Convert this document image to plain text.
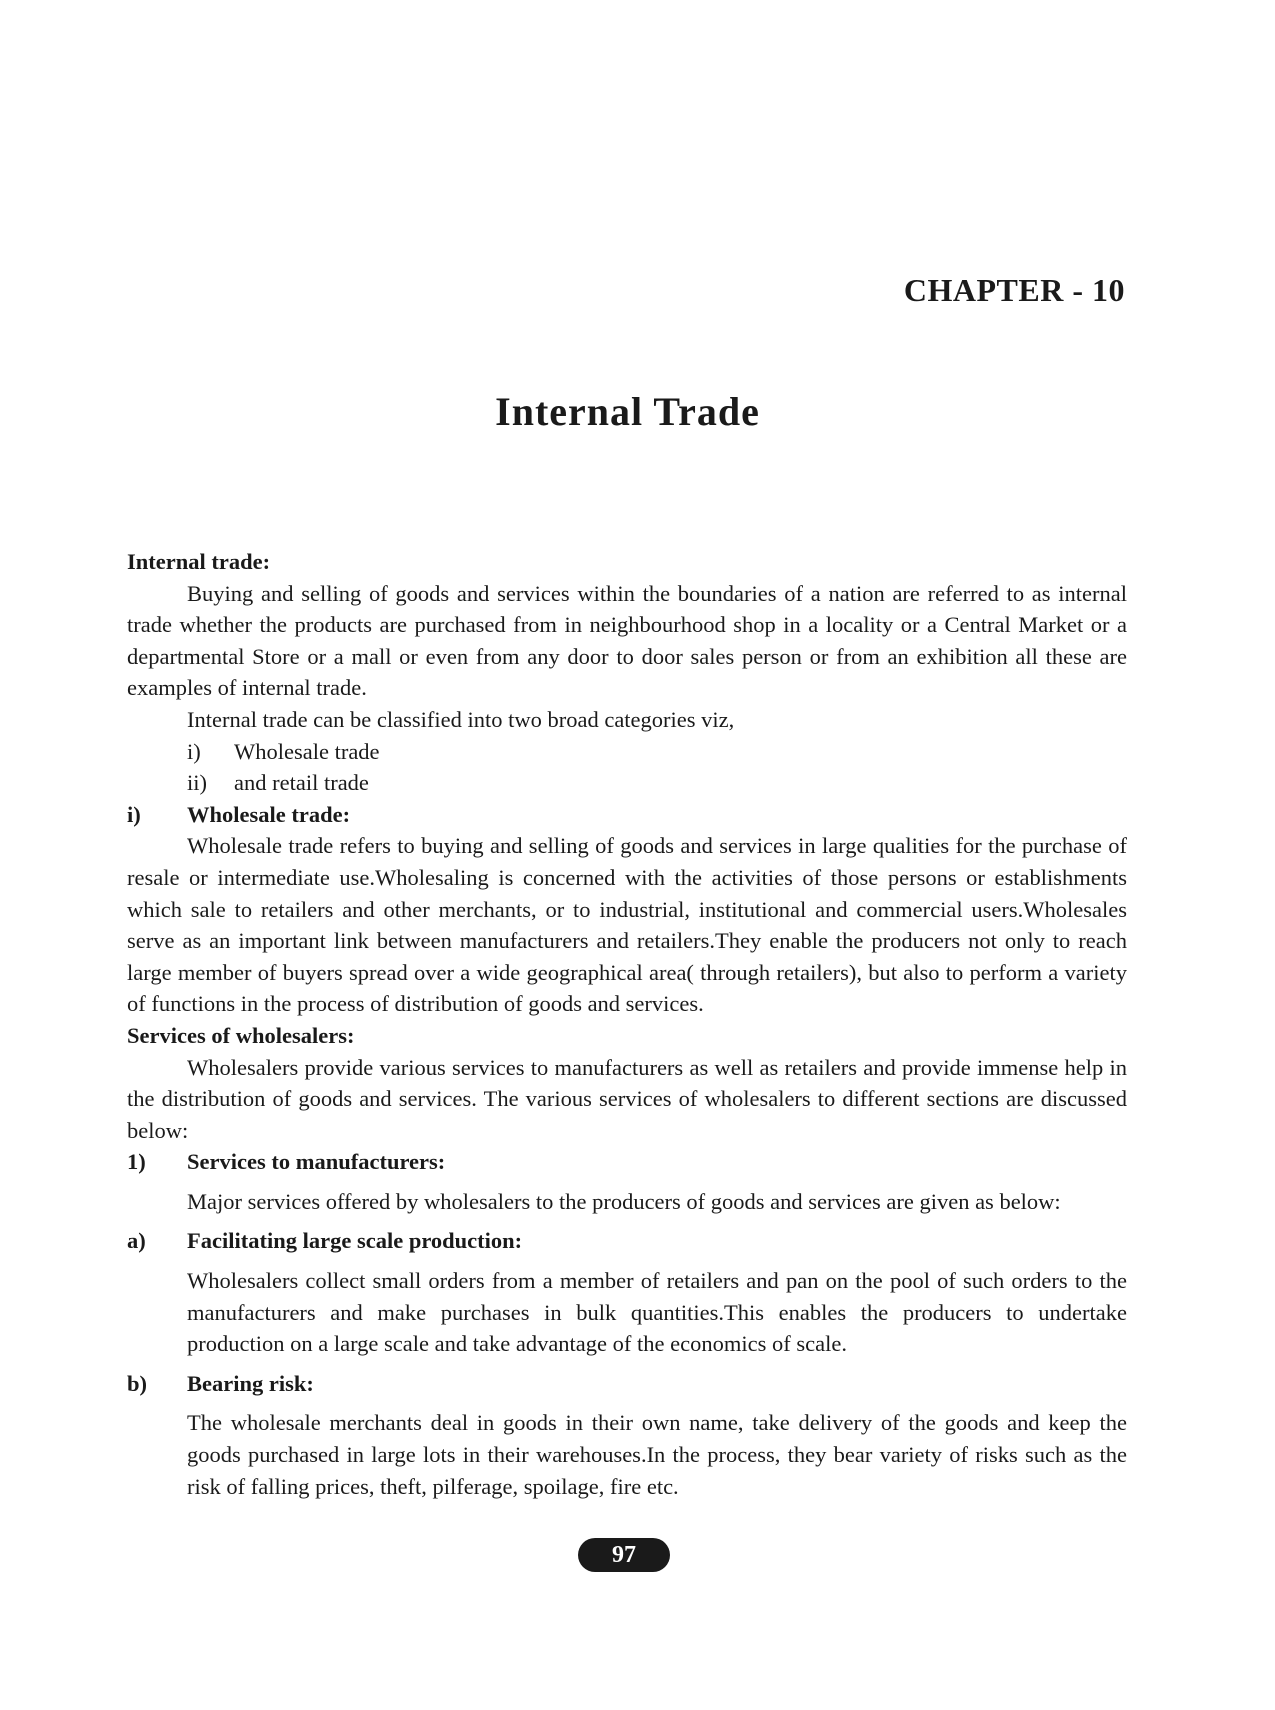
CHAPTER - 10
Internal Trade
Internal trade:

Buying and selling of goods and services within the boundaries of a nation are referred to as internal trade whether the products are purchased from in neighbourhood shop in a locality or a Central Market or a departmental Store or a mall or even from any door to door sales person or from an exhibition all these are examples of internal trade.

Internal trade can be classified into two broad categories viz,

i)	Wholesale trade
ii)	and retail trade
i)	Wholesale trade:

Wholesale trade refers to buying and selling of goods and services in large qualities for the purchase of resale or intermediate use.Wholesaling is concerned with the activities of those persons or establishments which sale to retailers and other merchants, or to industrial, institutional and commercial users.Wholesales serve as an important link between manufacturers and retailers.They enable the producers not only to reach large member of buyers spread over a wide geographical area( through retailers), but also to perform a variety of functions in the process of distribution of goods and services.

Services of wholesalers:

Wholesalers provide various services to manufacturers as well as retailers and provide immense help in the distribution of goods and services. The various services of wholesalers to different sections are discussed below:

1)	Services to manufacturers:

Major services offered by wholesalers to the producers of goods and services are given as below:

a)	Facilitating large scale production:

Wholesalers collect small orders from a member of retailers and pan on the pool of such orders to the manufacturers and make purchases in bulk quantities.This enables the producers to undertake production on a large scale and take advantage of the economics of scale.

b)	Bearing risk:

The wholesale merchants deal in goods in their own name, take delivery of the goods and keep the goods purchased in large lots in their warehouses.In the process, they bear variety of risks such as the risk of falling prices, theft, pilferage, spoilage, fire etc.

97
